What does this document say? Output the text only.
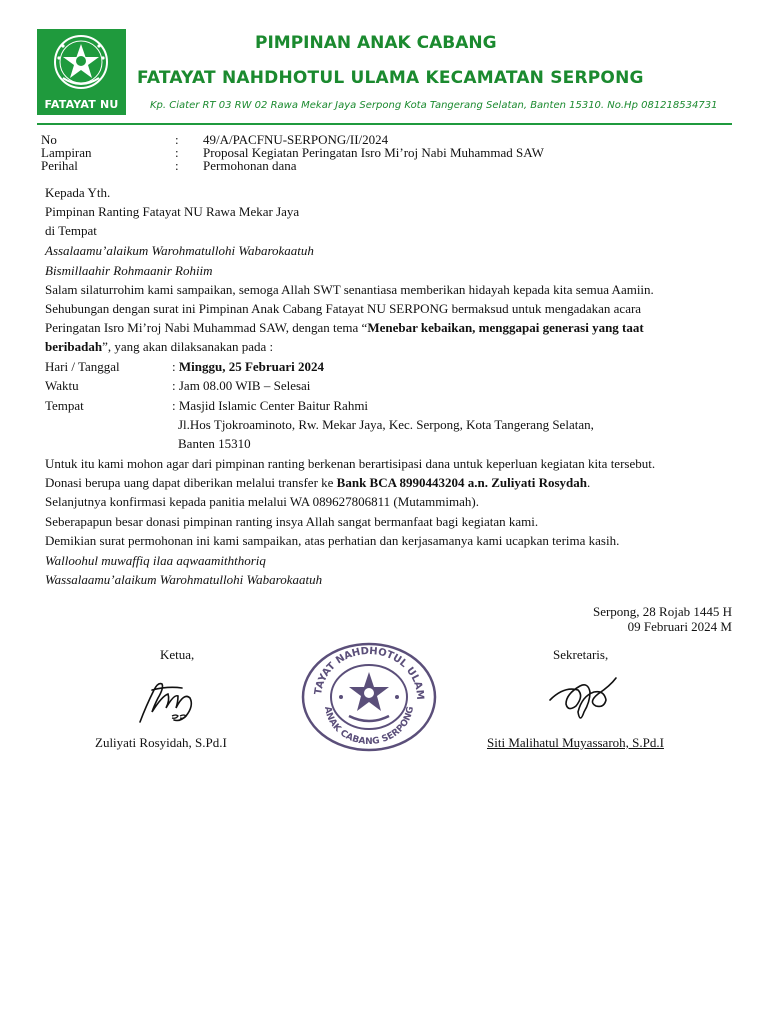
FATAYAT NU
PIMPINAN ANAK CABANG
FATAYAT NAHDHOTUL ULAMA KECAMATAN SERPONG
Kp. Ciater RT 03 RW 02 Rawa Mekar Jaya Serpong Kota Tangerang Selatan, Banten 15310. No.Hp 081218534731
No	: 49/A/PACFNU-SERPONG/II/2024
Lampiran	: Proposal Kegiatan Peringatan Isro Mi’roj Nabi Muhammad SAW
Perihal	: Permohonan dana
Kepada Yth.
Pimpinan Ranting Fatayat NU Rawa Mekar Jaya
di Tempat
Assalaamu’alaikum Warohmatullohi Wabarokaatuh
Bismillaahir Rohmaanir Rohiim
Salam silaturrohim kami sampaikan, semoga Allah SWT senantiasa memberikan hidayah kepada kita semua Aamiin.
Sehubungan dengan surat ini Pimpinan Anak Cabang Fatayat NU SERPONG bermaksud untuk mengadakan acara
Peringatan Isro Mi’roj Nabi Muhammad SAW, dengan tema “Menebar kebaikan, menggapai generasi yang taat
beribadah”, yang akan dilaksanakan pada :
Hari / Tanggal	: Minggu, 25 Februari 2024
Waktu	: Jam 08.00 WIB – Selesai
Tempat	: Masjid Islamic Center Baitur Rahmi
Jl.Hos Tjokroaminoto, Rw. Mekar Jaya, Kec. Serpong, Kota Tangerang Selatan,
Banten 15310
Untuk itu kami mohon agar dari pimpinan ranting berkenan berartisipasi dana untuk keperluan kegiatan kita tersebut.
Donasi berupa uang dapat diberikan melalui transfer ke Bank BCA 8990443204 a.n. Zuliyati Rosydah.
Selanjutnya konfirmasi kepada panitia melalui WA 089627806811 (Mutammimah).
Seberapapun besar donasi pimpinan ranting insya Allah sangat bermanfaat bagi kegiatan kami.
Demikian surat permohonan ini kami sampaikan, atas perhatian dan kerjasamanya kami ucapkan terima kasih.
Walloohul muwaffiq ilaa aqwaamiththoriq
Wassalaamu’alaikum Warohmatullohi Wabarokaatuh
Serpong, 28 Rojab 1445 H
09 Februari 2024 M
Ketua,	Sekretaris,
Zuliyati Rosyidah, S.Pd.I	Siti Malihatul Muyassaroh, S.Pd.I
TAYAT NAHDHOTUL ULAM
ANAK CABANG SERPONG
